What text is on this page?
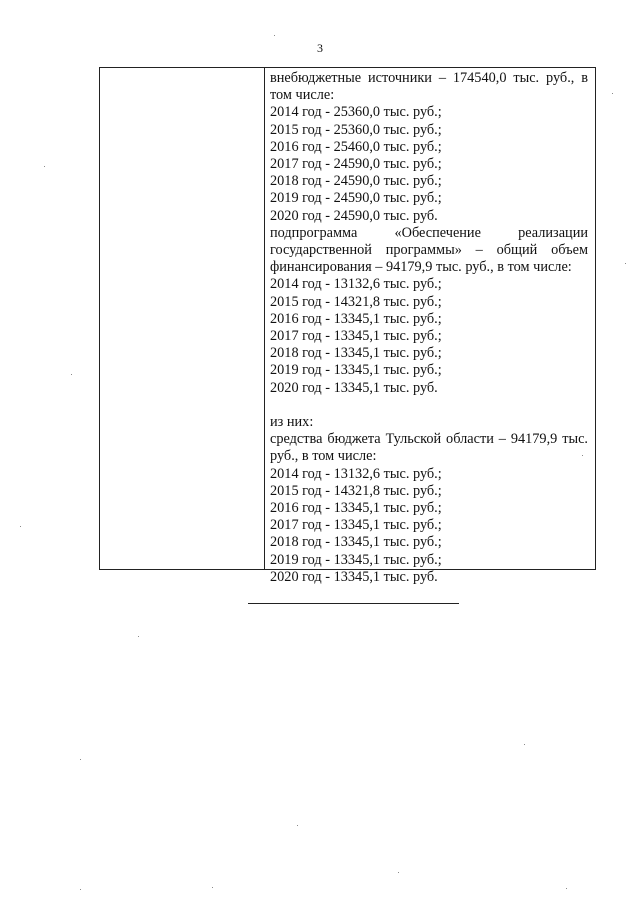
3
внебюджетные источники – 174540,0 тыс. руб., в
том числе:
2014 год - 25360,0 тыс. руб.;
2015 год - 25360,0 тыс. руб.;
2016 год - 25460,0 тыс. руб.;
2017 год - 24590,0 тыс. руб.;
2018 год - 24590,0 тыс. руб.;
2019 год - 24590,0 тыс. руб.;
2020 год - 24590,0 тыс. руб.
подпрограмма «Обеспечение реализации
государственной программы» – общий объем
финансирования – 94179,9 тыс. руб., в том числе:
2014 год - 13132,6 тыс. руб.;
2015 год - 14321,8 тыс. руб.;
2016 год - 13345,1 тыс. руб.;
2017 год - 13345,1 тыс. руб.;
2018 год - 13345,1 тыс. руб.;
2019 год - 13345,1 тыс. руб.;
2020 год - 13345,1 тыс. руб.
из них:
средства бюджета Тульской области – 94179,9 тыс.
руб., в том числе:
2014 год - 13132,6 тыс. руб.;
2015 год - 14321,8 тыс. руб.;
2016 год - 13345,1 тыс. руб.;
2017 год - 13345,1 тыс. руб.;
2018 год - 13345,1 тыс. руб.;
2019 год - 13345,1 тыс. руб.;
2020 год - 13345,1 тыс. руб.
